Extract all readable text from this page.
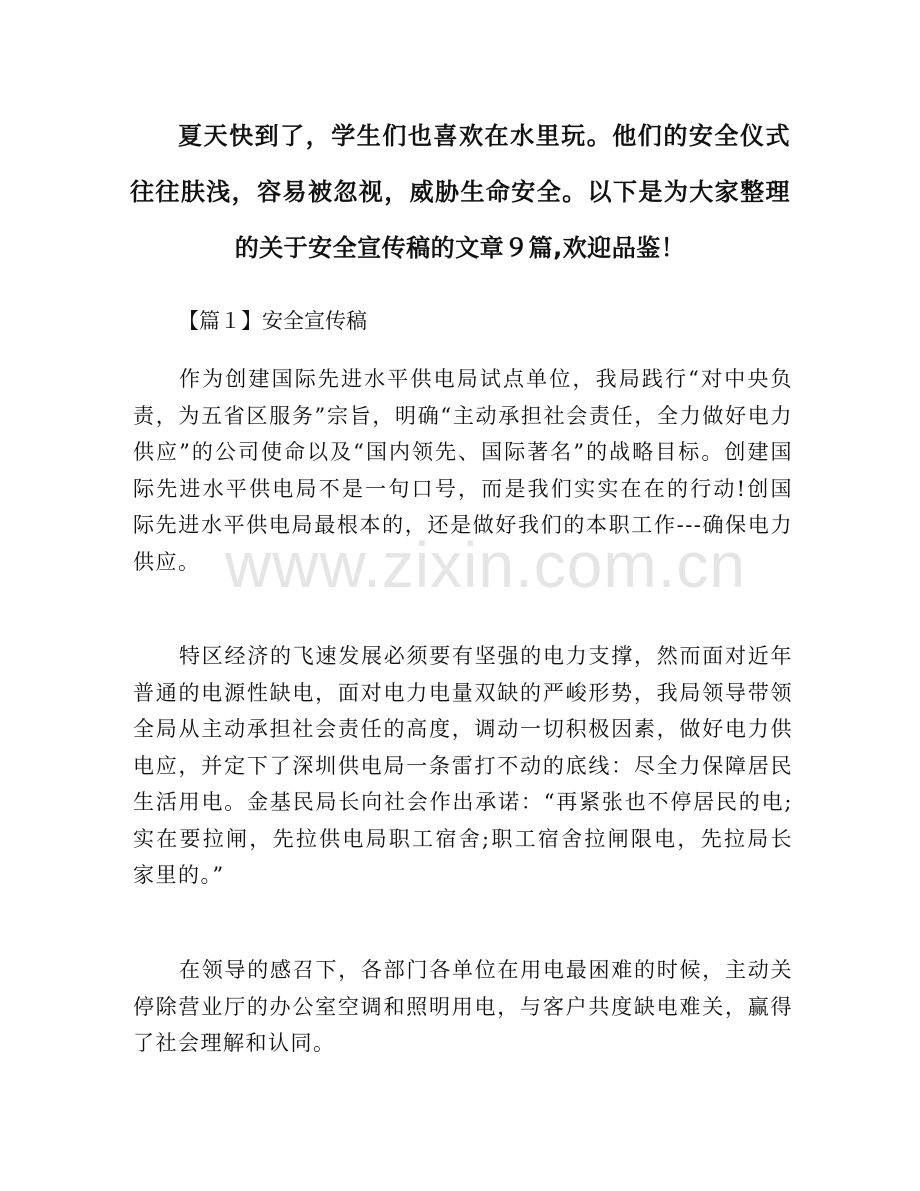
夏天快到了，学生们也喜欢在水里玩。他们的安全仪式往往肤浅，容易被忽视，威胁生命安全。以下是为大家整理的关于安全宣传稿的文章９篇,欢迎品鉴！

【篇１】安全宣传稿

作为创建国际先进水平供电局试点单位，我局践行“对中央负责，为五省区服务”宗旨，明确“主动承担社会责任，全力做好电力供应”的公司使命以及“国内领先、国际著名”的战略目标。创建国际先进水平供电局不是一句口号，而是我们实实在在的行动!创国际先进水平供电局最根本的，还是做好我们的本职工作---确保电力供应。

特区经济的飞速发展必须要有坚强的电力支撑，然而面对近年普通的电源性缺电，面对电力电量双缺的严峻形势，我局领导带领全局从主动承担社会责任的高度，调动一切积极因素，做好电力供电应，并定下了深圳供电局一条雷打不动的底线：尽全力保障居民生活用电。金基民局长向社会作出承诺：“再紧张也不停居民的电;实在要拉闸，先拉供电局职工宿舍;职工宿舍拉闸限电，先拉局长家里的。”

在领导的感召下，各部门各单位在用电最困难的时候，主动关停除营业厅的办公室空调和照明用电，与客户共度缺电难关，赢得了社会理解和认同。

www.zixin.com.cn
